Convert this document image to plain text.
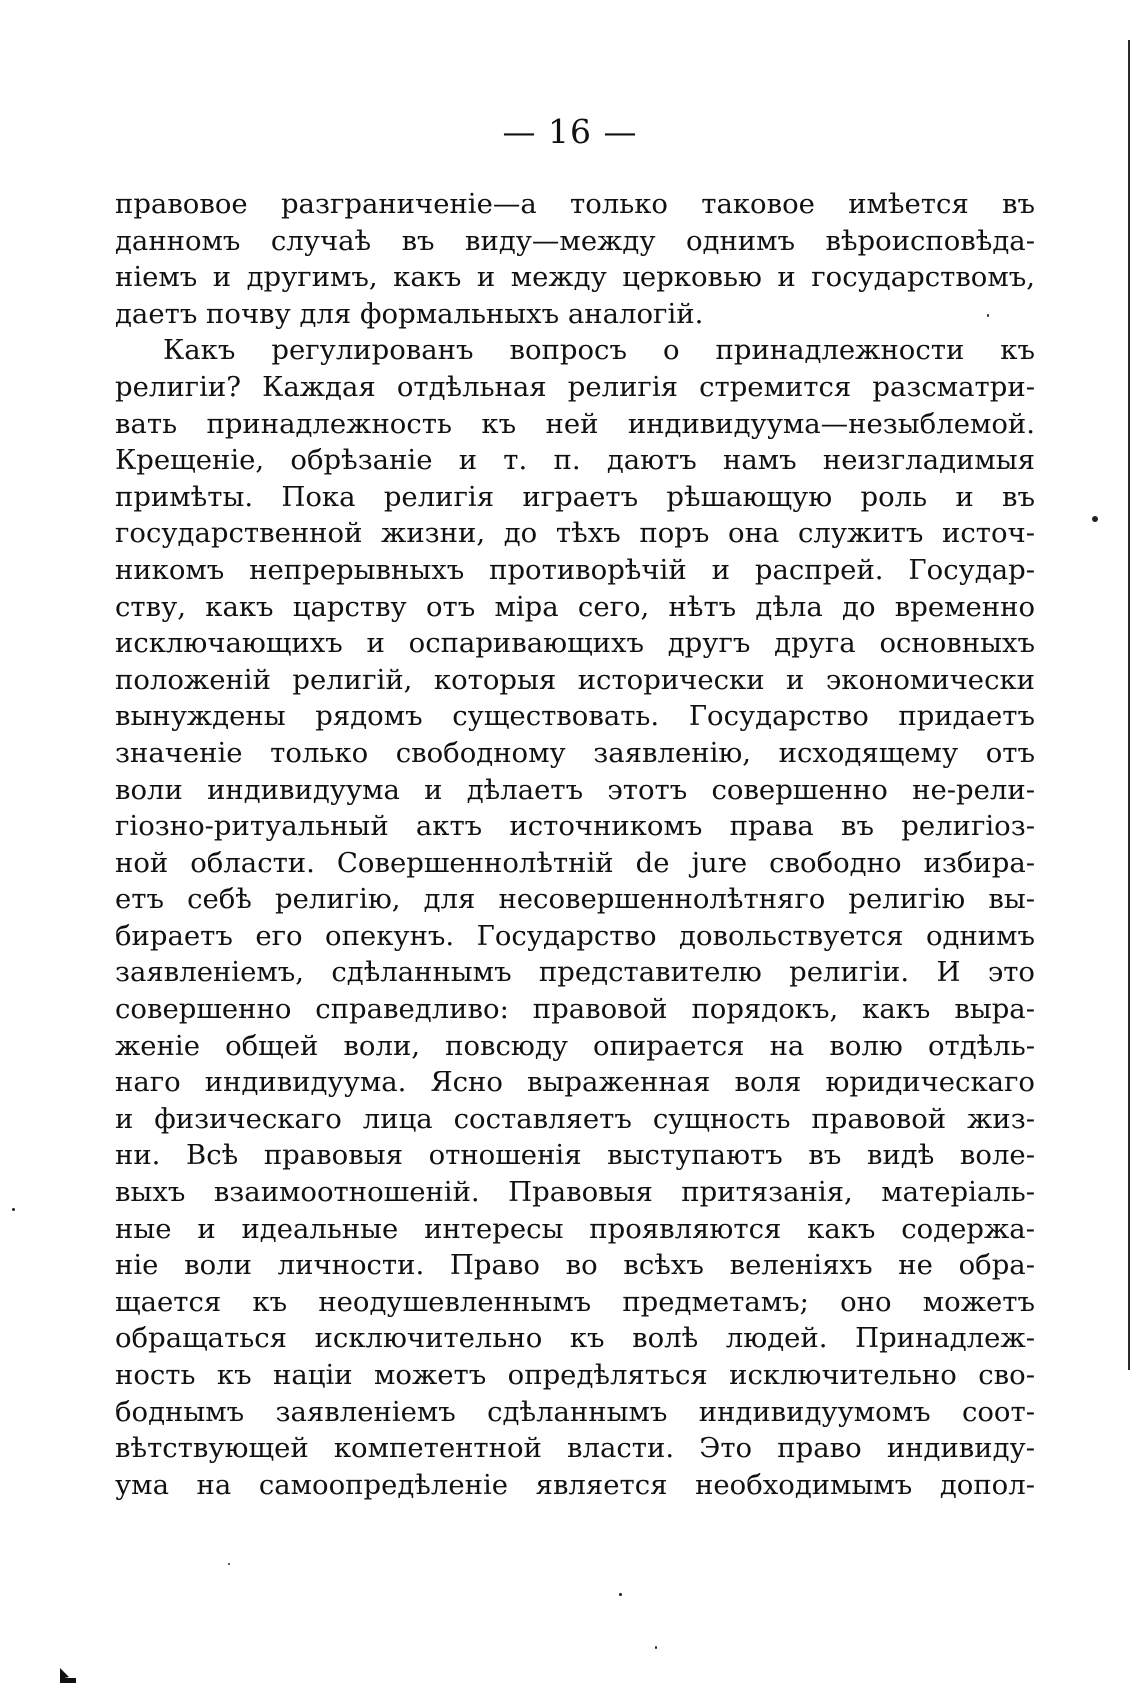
— 16 —
правовое разграниченіе—а только таковое имѣется въ
данномъ случаѣ въ виду—между однимъ вѣроисповѣда-
ніемъ и другимъ, какъ и между церковью и государствомъ,
даетъ почву для формальныхъ аналогій.
Какъ регулированъ вопросъ о принадлежности къ
религіи? Каждая отдѣльная религія стремится разсматри-
вать принадлежность къ ней индивидуума—незыблемой.
Крещеніе, обрѣзаніе и т. п. даютъ намъ неизгладимыя
примѣты. Пока религія играетъ рѣшающую роль и въ
государственной жизни, до тѣхъ поръ она служитъ источ-
никомъ непрерывныхъ противорѣчій и распрей. Государ-
ству, какъ царству отъ міра сего, нѣтъ дѣла до временно
исключающихъ и оспаривающихъ другъ друга основныхъ
положеній религій, которыя исторически и экономически
вынуждены рядомъ существовать. Государство придаетъ
значеніе только свободному заявленію, исходящему отъ
воли индивидуума и дѣлаетъ этотъ совершенно не-рели-
гіозно-ритуальный актъ источникомъ права въ религіоз-
ной области. Совершеннолѣтній de jure свободно избира-
етъ себѣ религію, для несовершеннолѣтняго религію вы-
бираетъ его опекунъ. Государство довольствуется однимъ
заявленіемъ, сдѣланнымъ представителю религіи. И это
совершенно справедливо: правовой порядокъ, какъ выра-
женіе общей воли, повсюду опирается на волю отдѣль-
наго индивидуума. Ясно выраженная воля юридическаго
и физическаго лица составляетъ сущность правовой жиз-
ни. Всѣ правовыя отношенія выступаютъ въ видѣ воле-
выхъ взаимоотношеній. Правовыя притязанія, матеріаль-
ные и идеальные интересы проявляются какъ содержа-
ніе воли личности. Право во всѣхъ веленіяхъ не обра-
щается къ неодушевленнымъ предметамъ; оно можетъ
обращаться исключительно къ волѣ людей. Принадлеж-
ность къ націи можетъ опредѣляться исключительно сво-
боднымъ заявленіемъ сдѣланнымъ индивидуумомъ соот-
вѣтствующей компетентной власти. Это право индивиду-
ума на самоопредѣленіе является необходимымъ допол-
